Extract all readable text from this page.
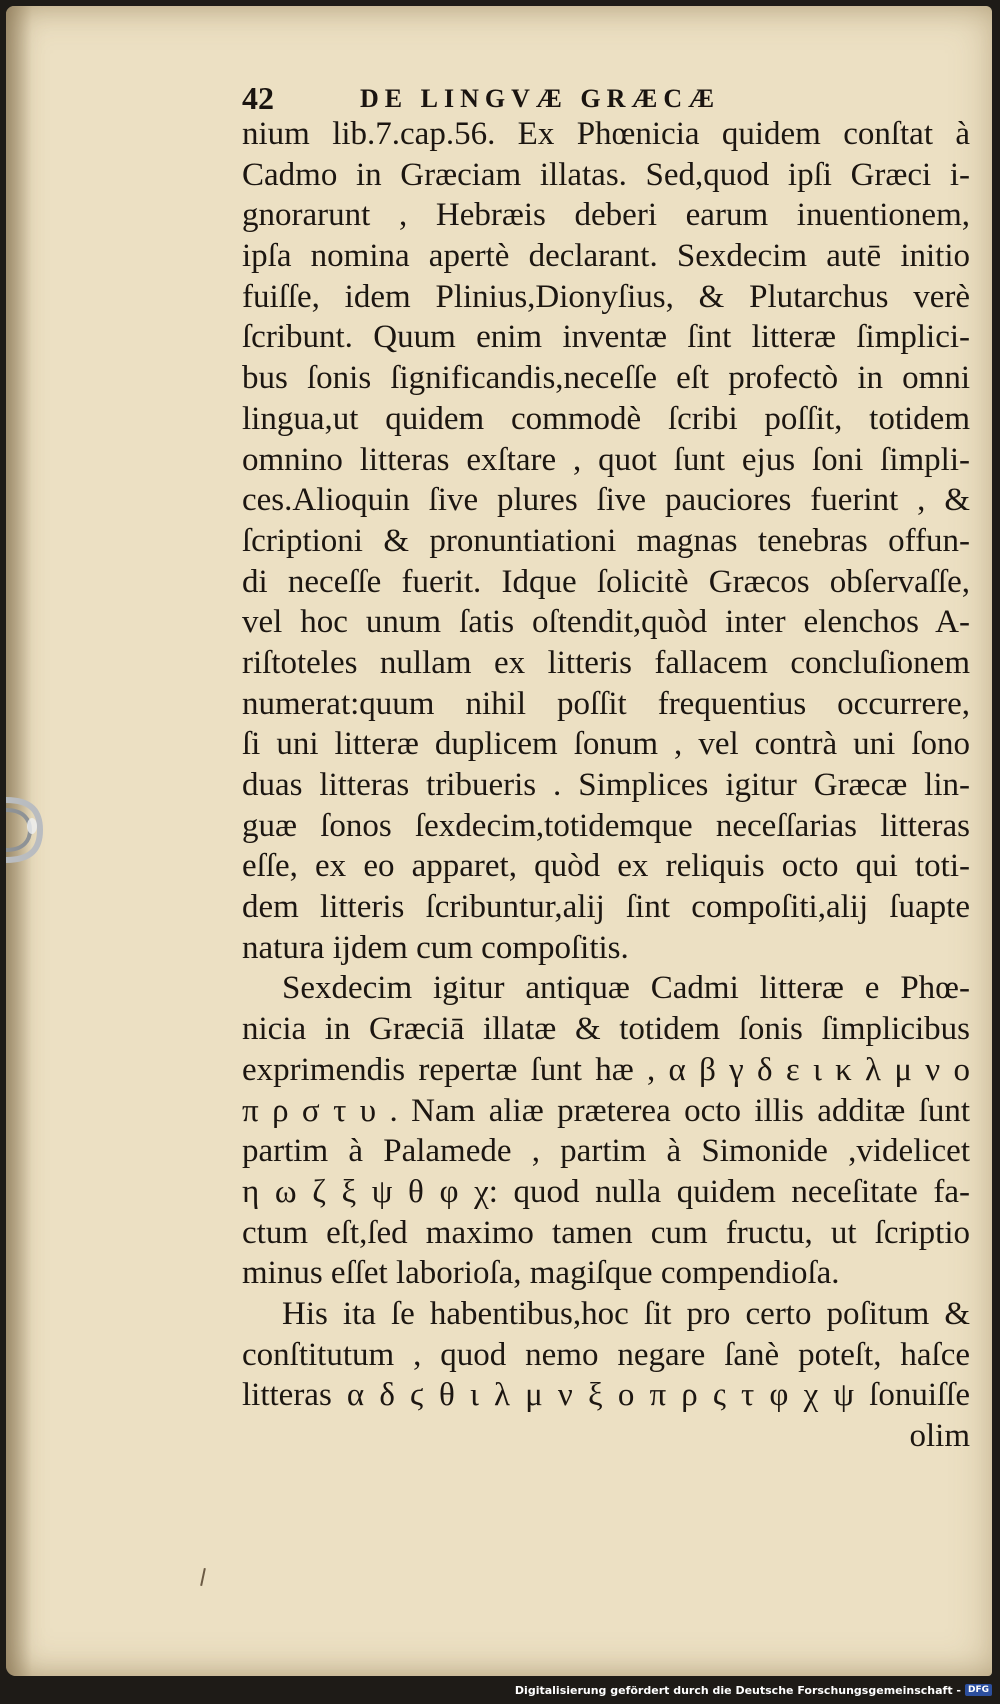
42	DE LINGVÆ GRÆCÆ
nium lib.7.cap.56. Ex Phœnicia quidem conſtat à
Cadmo in Græciam illatas. Sed,quod ipſi Græci i-
gnorarunt , Hebræis deberi earum inuentionem,
ipſa nomina apertè declarant. Sexdecim autē initio
fuiſſe, idem Plinius,Dionyſius, & Plutarchus verè
ſcribunt. Quum enim inventæ ſint litteræ ſimplici-
bus ſonis ſignificandis,neceſſe eſt profectò in omni
lingua,ut quidem commodè ſcribi poſſit, totidem
omnino litteras exſtare , quot ſunt ejus ſoni ſimpli-
ces.Alioquin ſive plures ſive pauciores fuerint , &
ſcriptioni & pronuntiationi magnas tenebras offun-
di neceſſe fuerit. Idque ſolicitè Græcos obſervaſſe,
vel hoc unum ſatis oſtendit,quòd inter elenchos A-
riſtoteles nullam ex litteris fallacem concluſionem
numerat:quum nihil poſſit frequentius occurrere,
ſi uni litteræ duplicem ſonum , vel contrà uni ſono
duas litteras tribueris . Simplices igitur Græcæ lin-
guæ ſonos ſexdecim,totidemque neceſſarias litteras
eſſe, ex eo apparet, quòd ex reliquis octo qui toti-
dem litteris ſcribuntur,alij ſint compoſiti,alij ſuapte
natura ijdem cum compoſitis.
Sexdecim igitur antiquæ Cadmi litteræ e Phœ-
nicia in Græciā illatæ & totidem ſonis ſimplicibus
exprimendis repertæ ſunt hæ , α β γ δ ε ι κ λ μ ν ο
π ρ σ τ υ . Nam aliæ præterea octo illis additæ ſunt
partim à Palamede , partim à Simonide ,videlicet
η ω ζ ξ ψ θ φ χ: quod nulla quidem neceſitate fa-
ctum eſt,ſed maximo tamen cum fructu, ut ſcriptio
minus eſſet laborioſa, magiſque compendioſa.
His ita ſe habentibus,hoc ſit pro certo poſitum &
conſtitutum , quod nemo negare ſanè poteſt, haſce
litteras α δ ϛ θ ι λ μ ν ξ ο π ρ ς τ φ χ ψ ſonuiſſe
olim
Digitalisierung gefördert durch die Deutsche Forschungsgemeinschaft - DFG
